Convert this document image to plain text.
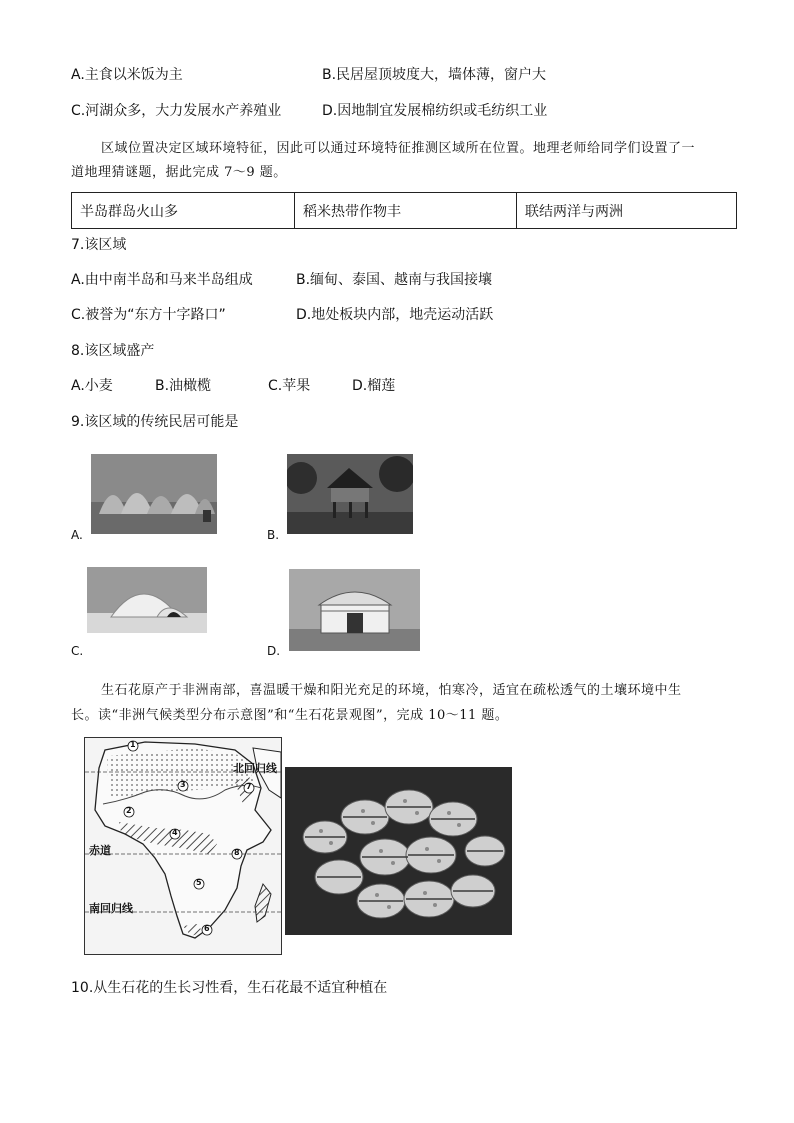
A.主食以米饭为主	B.民居屋顶坡度大，墙体薄，窗户大
C.河湖众多，大力发展水产养殖业	D.因地制宜发展棉纺织或毛纺织工业
区域位置决定区域环境特征，因此可以通过环境特征推测区域所在位置。地理老师给同学们设置了一
道地理猜谜题，据此完成 7～9 题。
半岛群岛火山多	稻米热带作物丰	联结两洋与两洲
7.该区域
A.由中南半岛和马来半岛组成	B.缅甸、泰国、越南与我国接壤
C.被誉为“东方十字路口”	D.地处板块内部，地壳运动活跃
8.该区域盛产
A.小麦	B.油橄榄	C.苹果	D.榴莲
9.该区域的传统民居可能是
A.	B.
C.	D.
生石花原产于非洲南部，喜温暖干燥和阳光充足的环境，怕寒冷，适宜在疏松透气的土壤环境中生
长。读“非洲气候类型分布示意图”和“生石花景观图”，完成 10～11 题。
1
2
3
4
5
6
7
8
北回归线
赤道
南回归线
10.从生石花的生长习性看，生石花最不适宜种植在
